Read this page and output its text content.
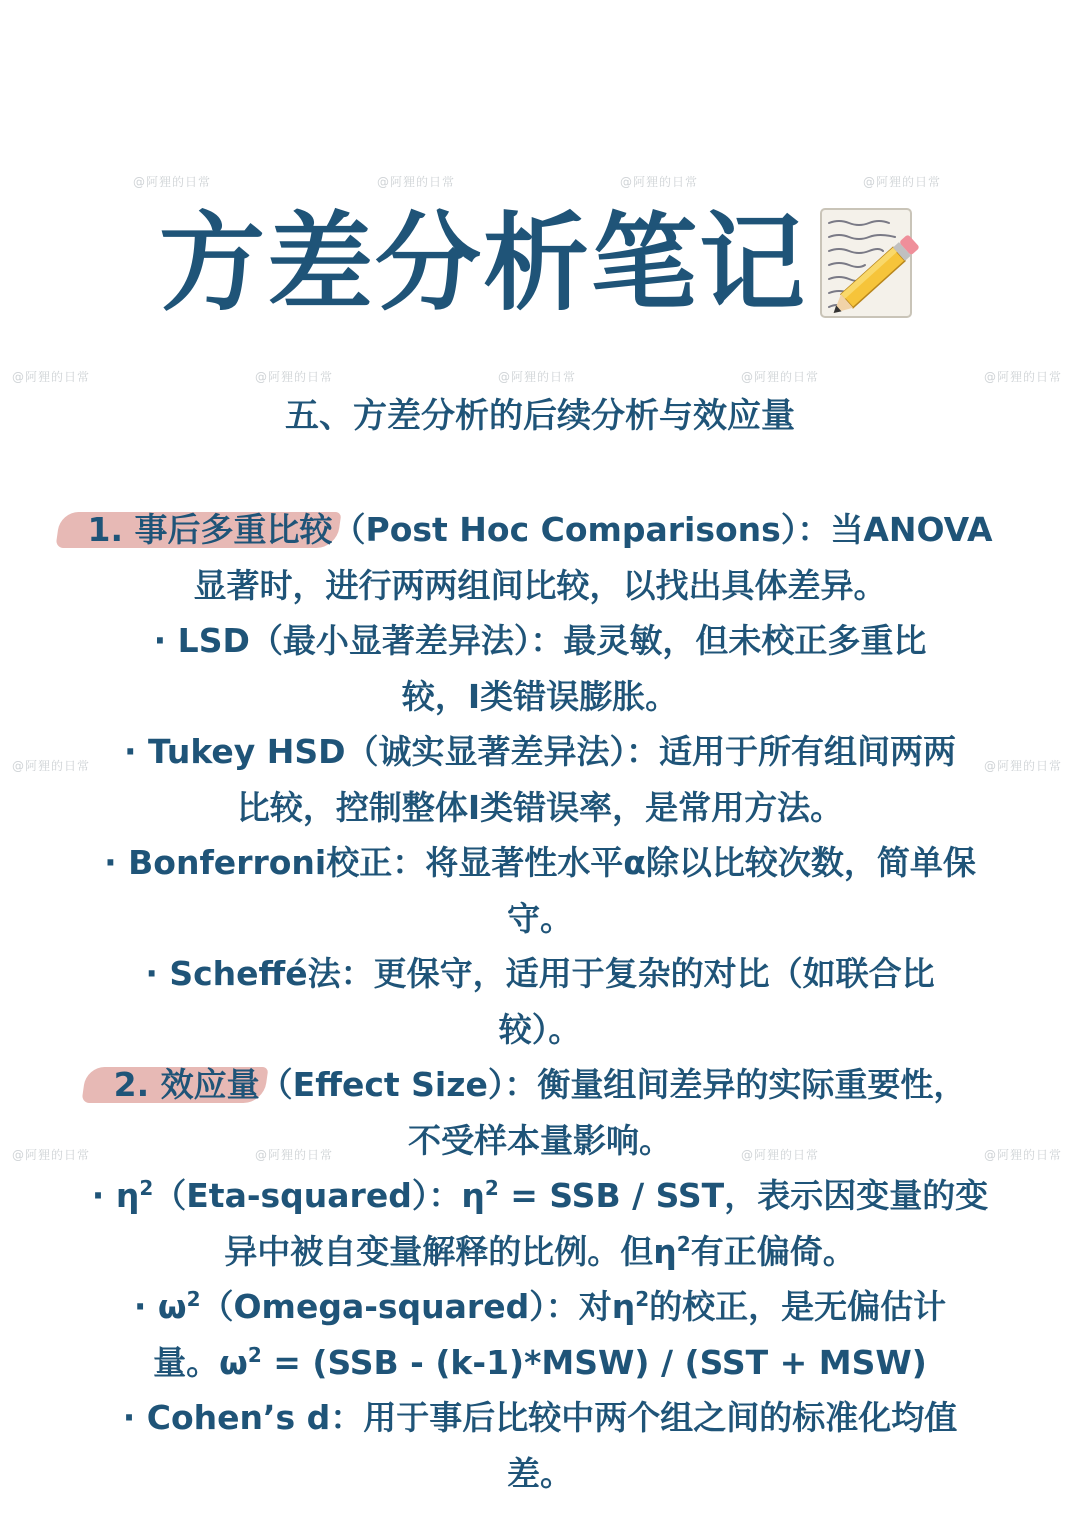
@阿狸的日常	@阿狸的日常	@阿狸的日常	@阿狸的日常
@阿狸的日常	@阿狸的日常	@阿狸的日常	@阿狸的日常	@阿狸的日常
@阿狸的日常	@阿狸的日常
@阿狸的日常	@阿狸的日常	@阿狸的日常	@阿狸的日常
方差分析笔记
五、方差分析的后续分析与效应量

1. 事后多重比较（Post Hoc Comparisons）：当ANOVA

显著时，进行两两组间比较，以找出具体差异。

· LSD（最小显著差异法）：最灵敏，但未校正多重比

较，I类错误膨胀。

· Tukey HSD（诚实显著差异法）：适用于所有组间两两

比较，控制整体I类错误率，是常用方法。

· Bonferroni校正：将显著性水平α除以比较次数，简单保

守。

· Scheffé法：更保守，适用于复杂的对比（如联合比

较）。

2. 效应量（Effect Size）：衡量组间差异的实际重要性，

不受样本量影响。

· $\eta^2(Eta-squared)$：$\eta^2$ = SSB / SST，表示因变量的变

异中被自变量解释的比例。但$\eta^2$有正偏倚。

· $\omega^2(Omega-squared)$：对$\eta^2$的校正，是无偏估计

量。$\omega^2 = (SSB - (k-1)*MSW) / (SST + MSW)$

· Cohen’s d：用于事后比较中两个组之间的标准化均值

差。
